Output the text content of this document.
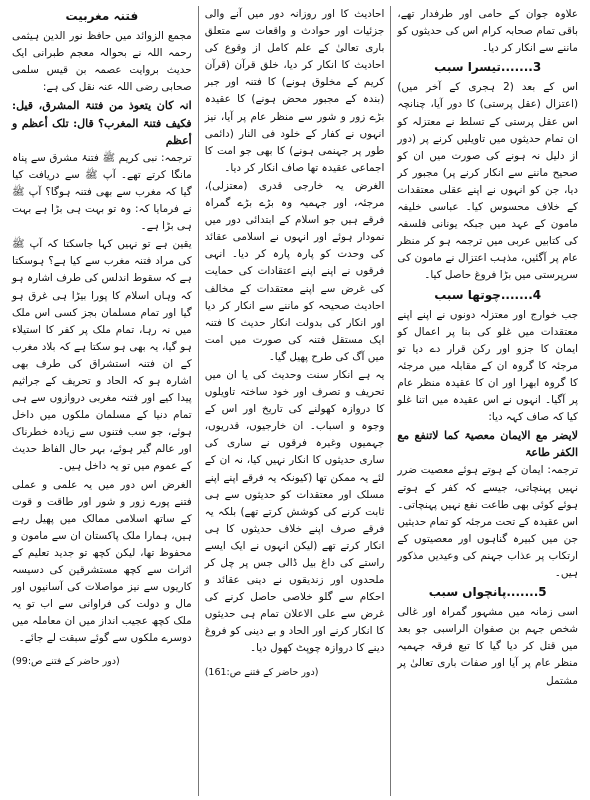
علاوہ جوان کے حامی اور طرفدار تھے، باقی تمام صحابہ کرام اس کی حدیثوں کو ماننے سے انکار کر دیا۔

3.......تیسرا سبب

اس کے بعد (2 ہجری کے آخر میں) (اعتزال (عقل پرستی) کا دور آیا، چنانچہ اس عقل پرستی کے تسلط نے معتزلہ کو ان تمام حدیثوں میں تاویلیں کرنے پر (دور از دلیل نہ ہونے کی صورت میں ان کو صحیح ماننے سے انکار کرنے پر) مجبور کر دیا، جن کو انہوں نے اپنے عقلی معتقدات کے خلاف محسوس کیا۔ عباسی خلیفہ مامون کے عہد میں جبکہ یونانی فلسفہ کی کتابیں عربی میں ترجمہ ہو کر منظر عام پر آگئیں، مذہب اعتزال نے مامون کی سرپرستی میں بڑا فروغ حاصل کیا۔

4.......چوتھا سبب

جب خوارج اور معتزلہ دونوں نے اپنے اپنے معتقدات میں غلو کی بنا پر اعمال کو ایمان کا جزو اور رکن قرار دے دیا تو مرجئہ کا گروہ ان کے مقابلہ میں مرجئہ کا گروہ ابھرا اور ان کا عقیدہ منظر عام پر آگیا۔ انہوں نے اس عقیدہ میں اتنا غلو کیا کہ صاف کہہ دیا:

لایضر مع الایمان معصیۃ کما لاتنفع مع الکفر طاعۃ

ترجمہ: ایمان کے ہوتے ہوئے معصیت ضرر نہیں پہنچاتی، جیسے کہ کفر کے ہوتے ہوئے کوئی بھی طاعت نفع نہیں پہنچاتی۔ اس عقیدہ کے تحت مرجئہ کو تمام حدیثیں جن میں کبیرہ گناہوں اور معصیتوں کے ارتکاب پر عذاب جہنم کی وعیدیں مذکور ہیں۔

5.......پانچواں سبب

اسی زمانہ میں مشہور گمراہ اور غالی شخص جہم بن صفوان الراسبی جو بعد میں قتل کر دیا گیا کا تبع فرقہ جہمیہ منظر عام پر آیا اور صفات باری تعالیٰ پر مشتمل

احادیث کا اور روزانہ دور میں آنے والی جزئیات اور حوادث و واقعات سے متعلق باری تعالیٰ کے علم کامل از وقوع کی احادیث کا انکار کر دیا، خلق قرآن (قرآن کریم کے مخلوق ہونے) کا فتنہ اور جبر (بندہ کے مجبور محض ہونے) کا عقیدہ بڑے زور و شور سے منظر عام پر آیا، نیز انہوں نے کفار کے خلود فی النار (دائمی طور پر جہنمی ہونے) کا بھی جو امت کا اجماعی عقیدہ تھا صاف انکار کر دیا۔

الغرض یہ خارجی قدری (معتزلی)، مرجئہ، اور جہمیہ وہ بڑے بڑے گمراہ فرقے ہیں جو اسلام کے ابتدائی دور میں نمودار ہوئے اور انہوں نے اسلامی عقائد کی وحدت کو پارہ پارہ کر دیا۔ انہی فرقوں نے اپنے اپنے اعتقادات کی حمایت کی غرض سے اپنے معتقدات کے مخالف احادیث صحیحہ کو ماننے سے انکار کر دیا اور انکار کی بدولت انکار حدیث کا فتنہ ایک مستقل فتنہ کی صورت میں امت میں آگ کی طرح پھیل گیا۔

یہ ہے انکار سنت وحدیث کی یا ان میں تحریف و تصرف اور خود ساختہ تاویلوں کا دروازہ کھولنے کی تاریخ اور اس کے وجوہ و اسباب۔ ان خارجیوں، قدریوں، جہمیوں وغیرہ فرقوں نے ساری کی ساری حدیثوں کا انکار نہیں کیا، نہ ان کے لئے یہ ممکن تھا (کیونکہ یہ فرقے اپنے اپنے مسلک اور معتقدات کو حدیثوں سے ہی ثابت کرنے کی کوشش کرتے تھے) بلکہ یہ فرقے صرف اپنے خلاف حدیثوں کا ہی انکار کرتے تھے (لیکن انہوں نے ایک ایسے راستے کی داغ بیل ڈالی جس پر چل کر ملحدوں اور زندیقوں نے دینی عقائد و احکام سے گلو خلاصی حاصل کرنے کی غرض سے علی الاعلان تمام ہی حدیثوں کا انکار کرنے اور الحاد و بے دینی کو فروغ دینے کا دروازہ چوپٹ کھول دیا۔

(دور حاضر کے فتنے ص:161)
فتنہ مغربیت

مجمع الزوائد میں حافظ نور الدین ہیثمی رحمہ اللہ نے بحوالہ معجم طبرانی ایک حدیث بروایت عصمہ بن قیس سلمی صحابی رضی اللہ عنہ نقل کی ہے:

انہ کان یتعوذ من فتنۃ المشرق، قیل: فکیف فتنۃ المغرب؟ قال: تلک أعظم و أعظم

ترجمہ: نبی کریم ﷺ فتنۂ مشرق سے پناہ مانگا کرتے تھے۔ آپ ﷺ سے دریافت کیا گیا کہ مغرب سے بھی فتنہ ہوگا؟ آپ ﷺ نے فرمایا کہ: وہ تو بہت ہی بڑا ہے بہت ہی بڑا ہے۔

یقین ہے تو نہیں کہا جاسکتا کہ آپ ﷺ کی مراد فتنہ مغرب سے کیا ہے؟ ہوسکتا ہے کہ سقوط اندلس کی طرف اشارہ ہو کہ وہاں اسلام کا پورا بیڑا ہی غرق ہو گیا اور تمام مسلمان بجز کسی اس ملک میں نہ رہا، تمام ملک پر کفر کا استیلاء ہو گیا، یہ بھی ہو سکتا ہے کہ بلاد مغرب کے ان فتنہ استشراق کی طرف بھی اشارہ ہو کہ الحاد و تحریف کے جراثیم پیدا کیے اور فتنہ مغربی دروازوں سے ہی تمام دنیا کے مسلمان ملکوں میں داخل ہوئے، جو سب فتنوں سے زیادہ خطرناک اور عالم گیر ہوئے، بہر حال الفاظ حدیث کے عموم میں تو یہ داخل ہیں۔

الغرض اس دور میں یہ علمی و عملی فتنے پورے زور و شور اور طاقت و قوت کے ساتھ اسلامی ممالک میں پھیل رہے ہیں، ہمارا ملک پاکستان ان سے مامون و محفوظ تھا، لیکن کچھ تو جدید تعلیم کے اثرات سے کچھ مستشرقین کی دسیسہ کاریوں سے نیز مواصلات کی آسانیوں اور مال و دولت کی فراوانی سے اب تو یہ ملک کچھ عجیب انداز میں ان معاملہ میں دوسرے ملکوں سے گوئے سبقت لے جائے۔

(دور حاضر کے فتنے ص:99)
